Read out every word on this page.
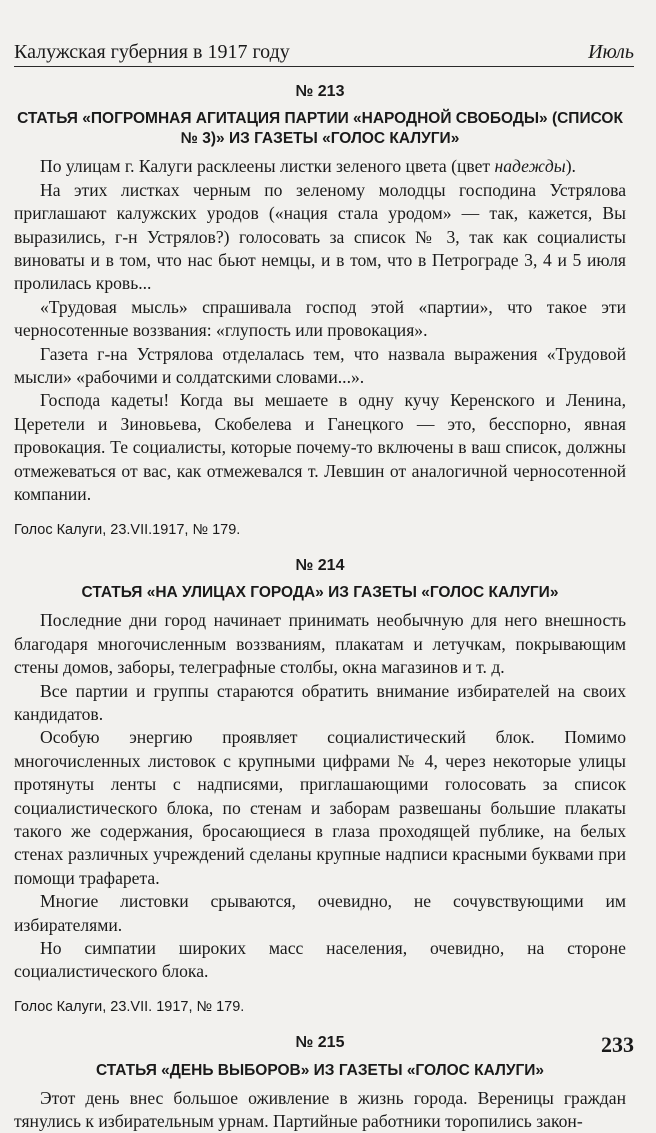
Калужская губерния в 1917 году	Июль
№ 213
СТАТЬЯ «ПОГРОМНАЯ АГИТАЦИЯ ПАРТИИ «НАРОДНОЙ СВОБОДЫ» (СПИСОК № 3)» ИЗ ГАЗЕТЫ «ГОЛОС КАЛУГИ»

По улицам г. Калуги расклеены листки зеленого цвета (цвет надежды).

На этих листках черным по зеленому молодцы господина Устрялова приглашают калужских уродов («нация стала уродом» — так, кажется, Вы выразились, г-н Устрялов?) голосовать за список № 3, так как социалисты виноваты и в том, что нас бьют немцы, и в том, что в Петрограде 3, 4 и 5 июля пролилась кровь...

«Трудовая мысль» спрашивала господ этой «партии», что такое эти черносотенные воззвания: «глупость или провокация».

Газета г-на Устрялова отделалась тем, что назвала выражения «Трудовой мысли» «рабочими и солдатскими словами...».

Господа кадеты! Когда вы мешаете в одну кучу Керенского и Ленина, Церетели и Зиновьева, Скобелева и Ганецкого — это, бесспорно, явная провокация. Те социалисты, которые почему-то включены в ваш список, должны отмежеваться от вас, как отмежевался т. Левшин от аналогичной черносотенной компании.

Голос Калуги, 23.VII.1917, № 179.

№ 214
СТАТЬЯ «НА УЛИЦАХ ГОРОДА» ИЗ ГАЗЕТЫ «ГОЛОС КАЛУГИ»

Последние дни город начинает принимать необычную для него внешность благодаря многочисленным воззваниям, плакатам и летучкам, покрывающим стены домов, заборы, телеграфные столбы, окна магазинов и т. д.

Все партии и группы стараются обратить внимание избирателей на своих кандидатов.

Особую энергию проявляет социалистический блок. Помимо многочисленных листовок с крупными цифрами № 4, через некоторые улицы протянуты ленты с надписями, приглашающими голосовать за список социалистического блока, по стенам и заборам развешаны большие плакаты такого же содержания, бросающиеся в глаза проходящей публике, на белых стенах различных учреждений сделаны крупные надписи красными буквами при помощи трафарета.

Многие листовки срываются, очевидно, не сочувствующими им избирателями.

Но симпатии широких масс населения, очевидно, на стороне социалистического блока.

Голос Калуги, 23.VII. 1917, № 179.

№ 215
СТАТЬЯ «ДЕНЬ ВЫБОРОВ» ИЗ ГАЗЕТЫ «ГОЛОС КАЛУГИ»

Этот день внес большое оживление в жизнь города. Вереницы граждан тянулись к избирательным урнам. Партийные работники торопились закон-

233
